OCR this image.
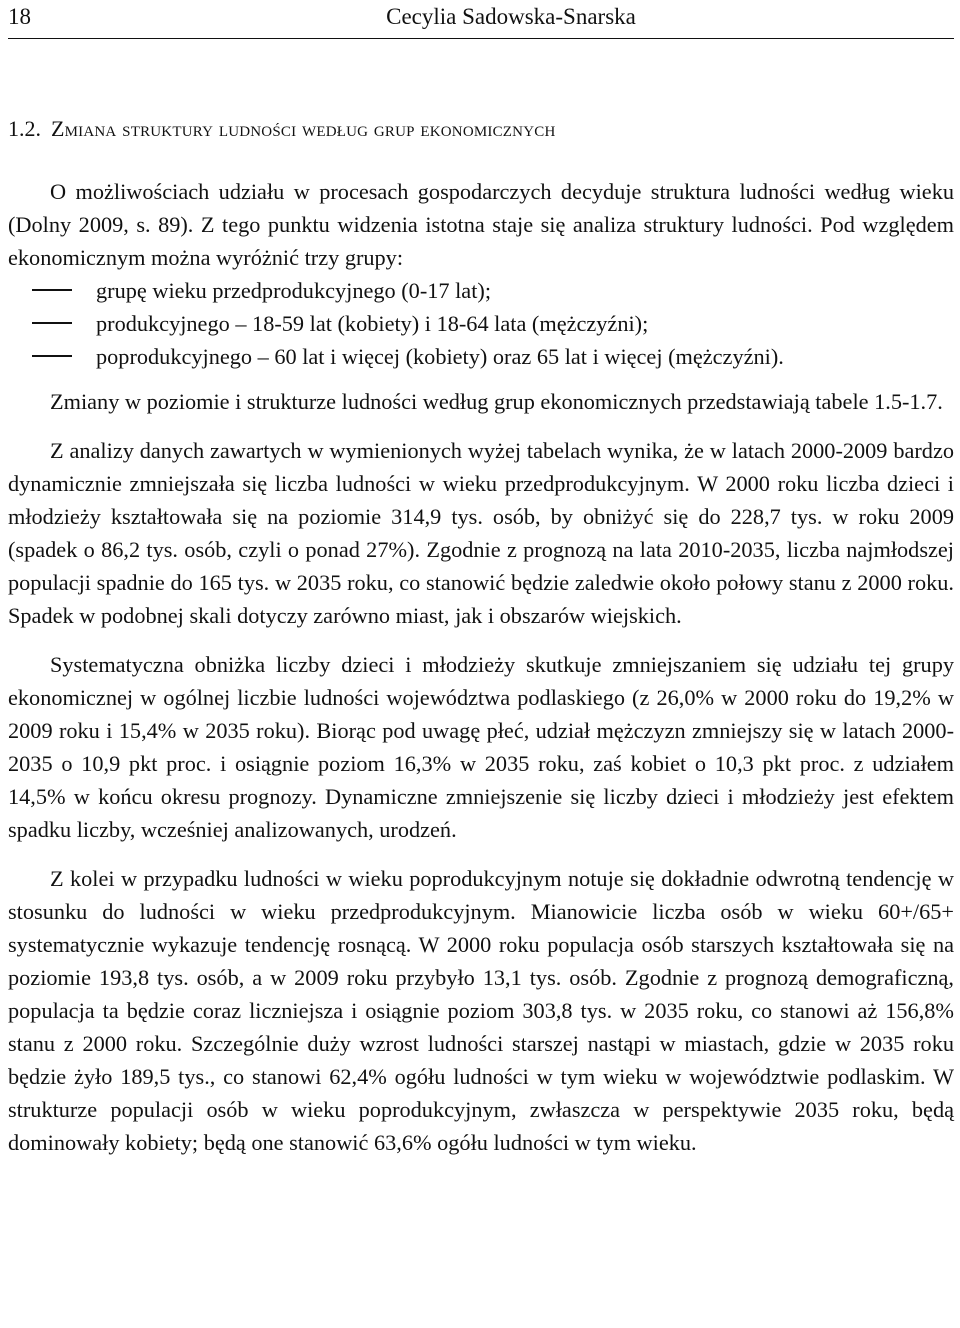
18	Cecylia Sadowska-Snarska
1.2. Zmiana struktury ludności według grup ekonomicznych

O możliwościach udziału w procesach gospodarczych decyduje struktura ludności według wieku (Dolny 2009, s. 89). Z tego punktu widzenia istotna staje się analiza struktury ludności. Pod względem ekonomicznym można wyróżnić trzy grupy:

grupę wieku przedprodukcyjnego (0-17 lat);
produkcyjnego – 18-59 lat (kobiety) i 18-64 lata (mężczyźni);
poprodukcyjnego – 60 lat i więcej (kobiety) oraz 65 lat i więcej (mężczyźni).

Zmiany w poziomie i strukturze ludności według grup ekonomicznych przedstawiają tabele 1.5-1.7.

Z analizy danych zawartych w wymienionych wyżej tabelach wynika, że w latach 2000-2009 bardzo dynamicznie zmniejszała się liczba ludności w wieku przedprodukcyjnym. W 2000 roku liczba dzieci i młodzieży kształtowała się na poziomie 314,9 tys. osób, by obniżyć się do 228,7 tys. w roku 2009 (spadek o 86,2 tys. osób, czyli o ponad 27%). Zgodnie z prognozą na lata 2010-2035, liczba najmłodszej populacji spadnie do 165 tys. w 2035 roku, co stanowić będzie zaledwie około połowy stanu z 2000 roku. Spadek w podobnej skali dotyczy zarówno miast, jak i obszarów wiejskich.

Systematyczna obniżka liczby dzieci i młodzieży skutkuje zmniejszaniem się udziału tej grupy ekonomicznej w ogólnej liczbie ludności województwa podlaskiego (z 26,0% w 2000 roku do 19,2% w 2009 roku i 15,4% w 2035 roku). Biorąc pod uwagę płeć, udział mężczyzn zmniejszy się w latach 2000-2035 o 10,9 pkt proc. i osiągnie poziom 16,3% w 2035 roku, zaś kobiet o 10,3 pkt proc. z udziałem 14,5% w końcu okresu prognozy. Dynamiczne zmniejszenie się liczby dzieci i młodzieży jest efektem spadku liczby, wcześniej analizowanych, urodzeń.

Z kolei w przypadku ludności w wieku poprodukcyjnym notuje się dokładnie odwrotną tendencję w stosunku do ludności w wieku przedprodukcyjnym. Mianowicie liczba osób w wieku 60+/65+ systematycznie wykazuje tendencję rosnącą. W 2000 roku populacja osób starszych kształtowała się na poziomie 193,8 tys. osób, a w 2009 roku przybyło 13,1 tys. osób. Zgodnie z prognozą demograficzną, populacja ta będzie coraz liczniejsza i osiągnie poziom 303,8 tys. w 2035 roku, co stanowi aż 156,8% stanu z 2000 roku. Szczególnie duży wzrost ludności starszej nastąpi w miastach, gdzie w 2035 roku będzie żyło 189,5 tys., co stanowi 62,4% ogółu ludności w tym wieku w województwie podlaskim. W strukturze populacji osób w wieku poprodukcyjnym, zwłaszcza w perspektywie 2035 roku, będą dominowały kobiety; będą one stanowić 63,6% ogółu ludności w tym wieku.
